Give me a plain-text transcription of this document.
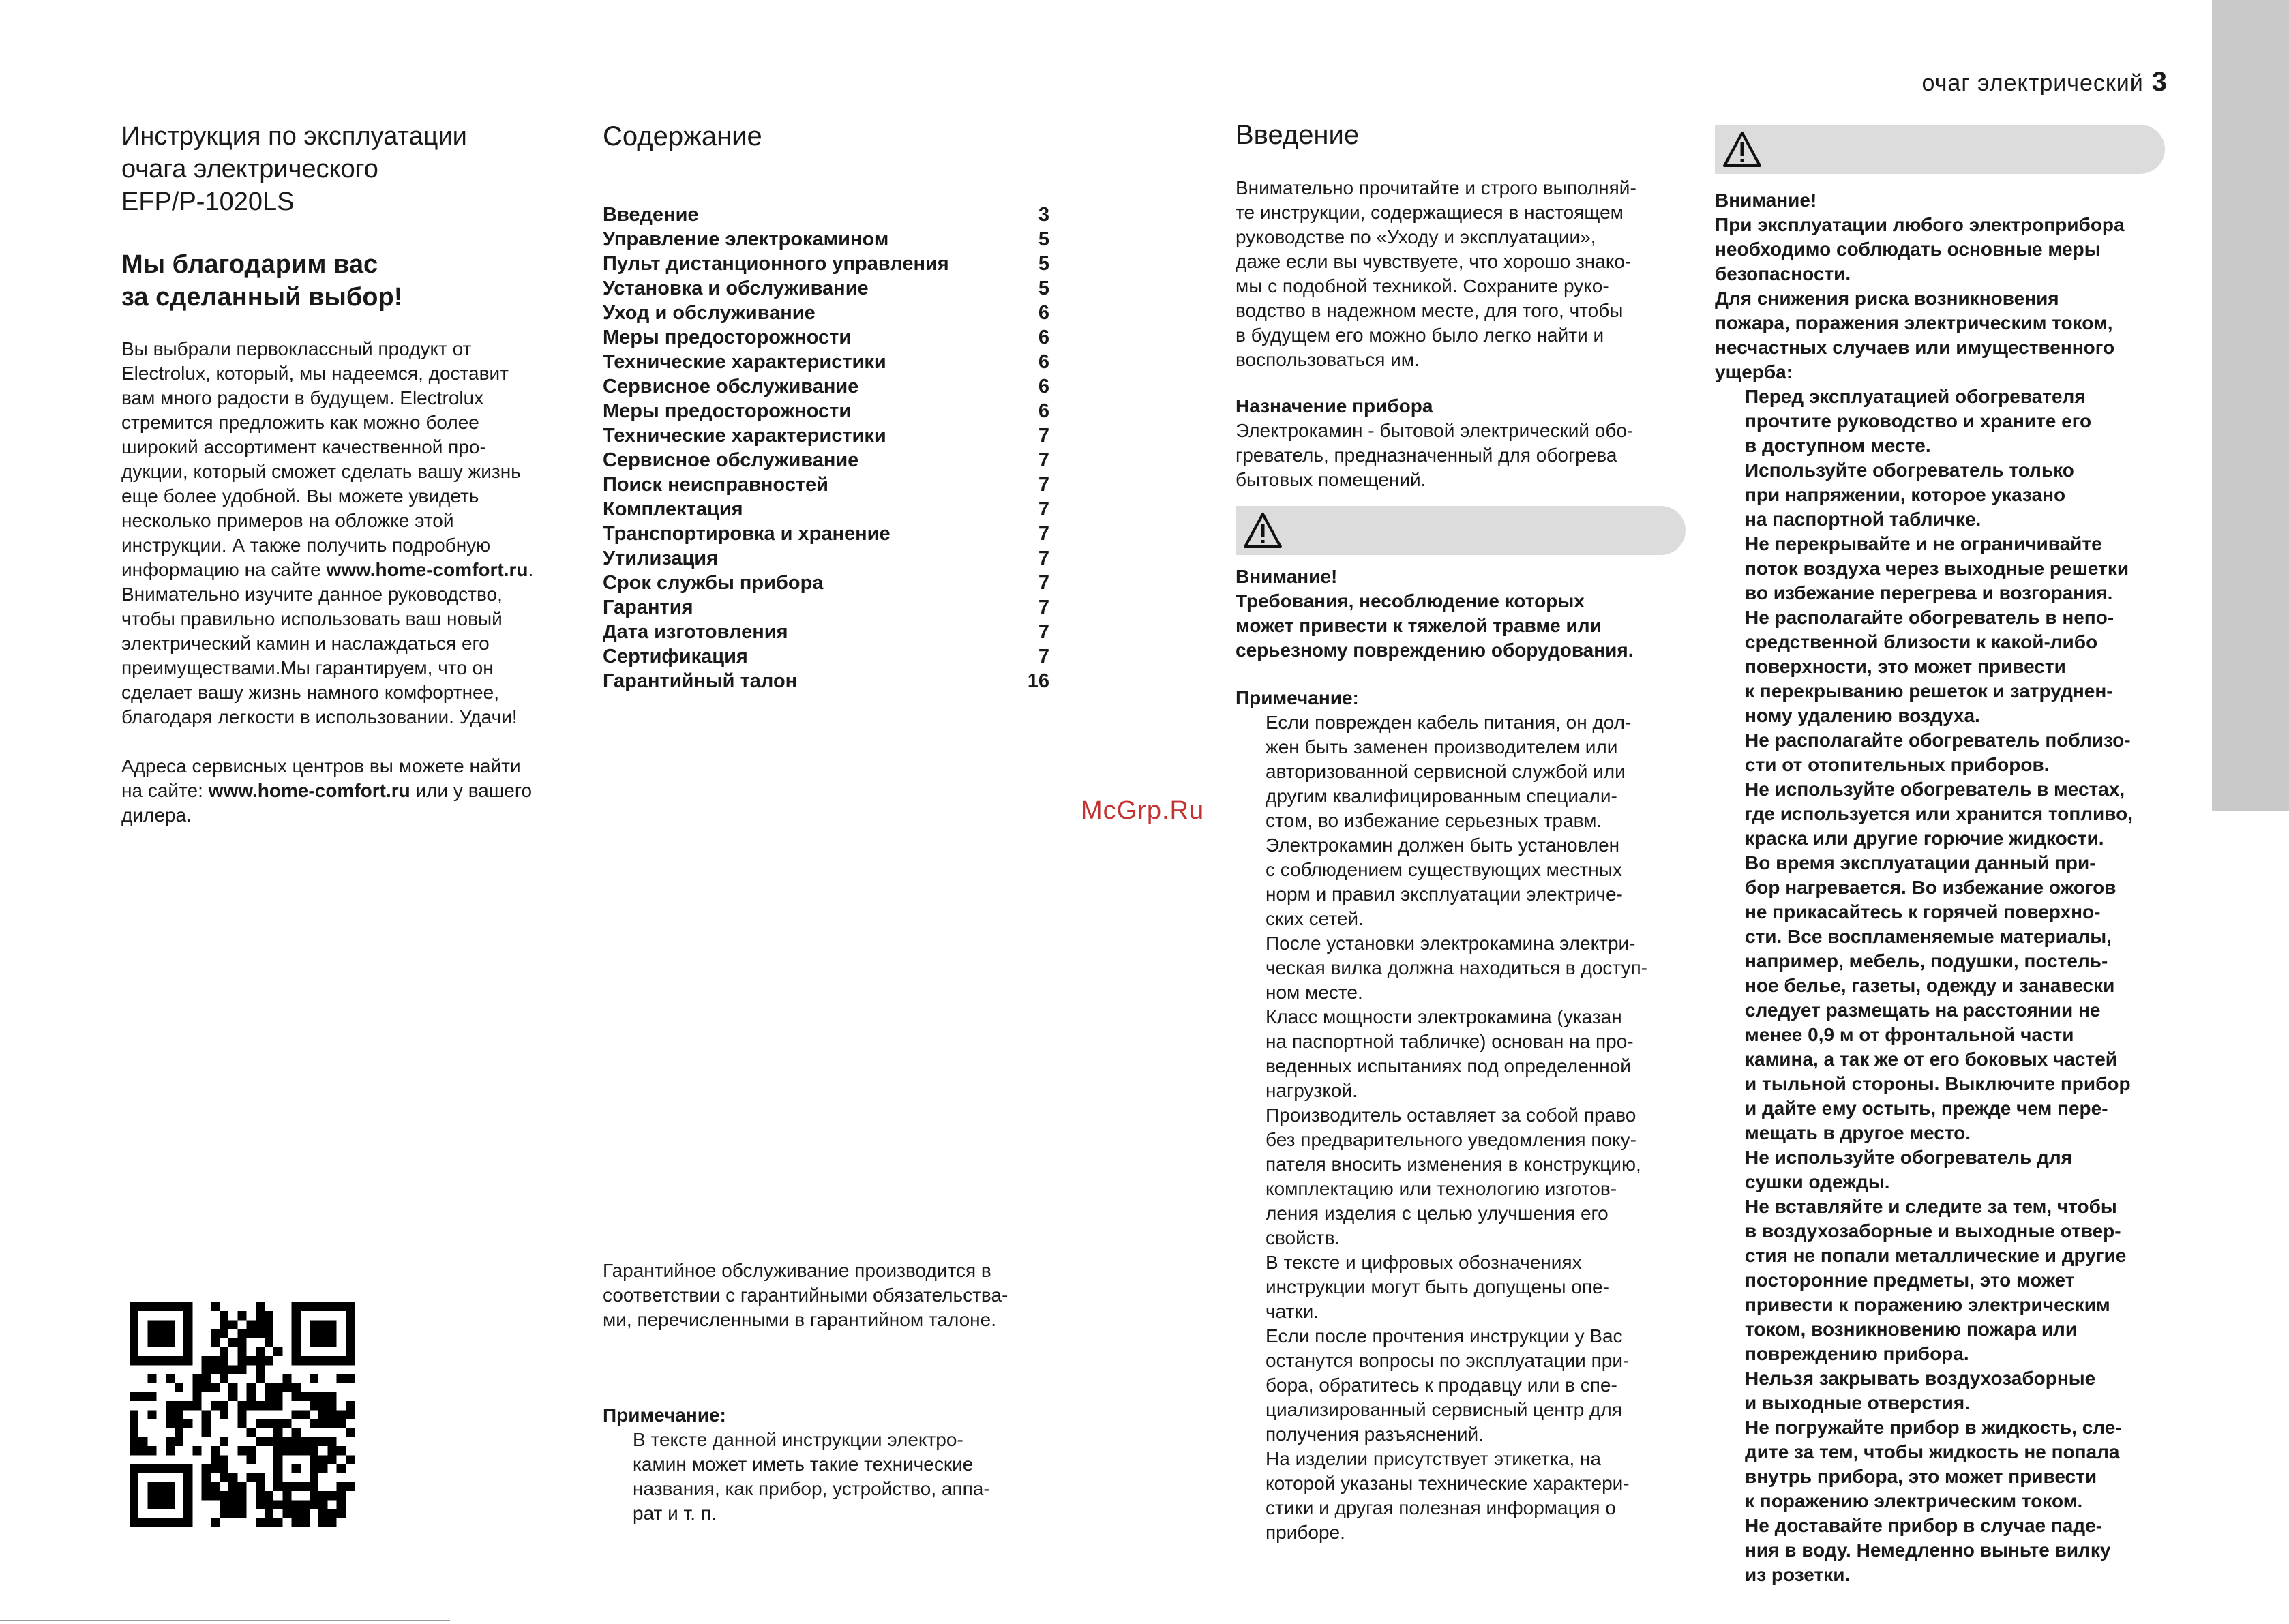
очаг электрический 3
Инструкция по эксплуатации
очага электрического
EFP/P-1020LS
Мы благодарим вас
за сделанный выбор!

Вы выбрали первоклассный продукт от
Electrolux, который, мы надеемся, доставит
вам много радости в будущем. Electrolux
стремится предложить как можно более
широкий ассортимент качественной про-
дукции, который сможет сделать вашу жизнь
еще более удобной. Вы можете увидеть
несколько примеров на обложке этой
инструкции. А также получить подробную
информацию на сайте www.home-comfort.ru.
Внимательно изучите данное руководство,
чтобы правильно использовать ваш новый
электрический камин и наслаждаться его
преимуществами.Мы гарантируем, что он
сделает вашу жизнь намного комфортнее,
благодаря легкости в использовании. Удачи!

Адреса сервисных центров вы можете найти
на сайте: www.home-comfort.ru или у вашего
дилера.

Содержание
Введение	3
Управление электрокамином	5
Пульт дистанционного управления	5
Установка и обслуживание	5
Уход и обслуживание	6
Меры предосторожности	6
Технические характеристики	6
Сервисное обслуживание	6
Меры предосторожности	6
Технические характеристики	7
Сервисное обслуживание	7
Поиск неисправностей	7
Комплектация	7
Транспортировка и хранение	7
Утилизация	7
Срок службы прибора	7
Гарантия	7
Дата изготовления	7
Сертификация	7
Гарантийный талон	16
Гарантийное обслуживание производится в
соответствии с гарантийными обязательства-
ми, перечисленными в гарантийном талоне.
Примечание:
В тексте данной инструкции электро-
камин может иметь такие технические
названия, как прибор, устройство, аппа-
рат и т. п.
McGrp.Ru
Введение
Внимательно прочитайте и строго выполняй-
те инструкции, содержащиеся в настоящем
руководстве по «Уходу и эксплуатации»,
даже если вы чувствуете, что хорошо знако-
мы с подобной техникой. Сохраните руко-
водство в надежном месте, для того, чтобы
в будущем его можно было легко найти и
воспользоваться им.
Назначение прибора
Электрокамин - бытовой электрический обо-
греватель, предназначенный для обогрева
бытовых помещений.
Внимание!
Требования, несоблюдение которых
может привести к тяжелой травме или
серьезному повреждению оборудования.
Примечание:
Если поврежден кабель питания, он дол-
жен быть заменен производителем или
авторизованной сервисной службой или
другим квалифицированным специали-
стом, во избежание серьезных травм.
Электрокамин должен быть установлен
с соблюдением существующих местных
норм и правил эксплуатации электриче-
ских сетей.
После установки электрокамина электри-
ческая вилка должна находиться в доступ-
ном месте.
Класс мощности электрокамина (указан
на паспортной табличке) основан на про-
веденных испытаниях под определенной
нагрузкой.
Производитель оставляет за собой право
без предварительного уведомления поку-
пателя вносить изменения в конструкцию,
комплектацию или технологию изготов-
ления изделия с целью улучшения его
свойств.
В тексте и цифровых обозначениях
инструкции могут быть допущены опе-
чатки.
Если после прочтения инструкции у Вас
останутся вопросы по эксплуатации при-
бора, обратитесь к продавцу или в спе-
циализированный сервисный центр для
получения разъяснений.
На изделии присутствует этикетка, на
которой указаны технические характери-
стики и другая полезная информация о
приборе.
Внимание!
При эксплуатации любого электроприбора
необходимо соблюдать основные меры
безопасности.
Для снижения риска возникновения
пожара, поражения электрическим током,
несчастных случаев или имущественного
ущерба:
Перед эксплуатацией обогревателя
прочтите руководство и храните его
в доступном месте.
Используйте обогреватель только
при напряжении, которое указано
на паспортной табличке.
Не перекрывайте и не ограничивайте
поток воздуха через выходные решетки
во избежание перегрева и возгорания.
Не располагайте обогреватель в непо-
средственной близости к какой-либо
поверхности, это может привести
к перекрыванию решеток и затруднен-
ному удалению воздуха.
Не располагайте обогреватель поблизо-
сти от отопительных приборов.
Не используйте обогреватель в местах,
где используется или хранится топливо,
краска или другие горючие жидкости.
Во время эксплуатации данный при-
бор нагревается. Во избежание ожогов
не прикасайтесь к горячей поверхно-
сти. Все воспламеняемые материалы,
например, мебель, подушки, постель-
ное белье, газеты, одежду и занавески
следует размещать на расстоянии не
менее 0,9 м от фронтальной части
камина, а так же от его боковых частей
и тыльной стороны. Выключите прибор
и дайте ему остыть, прежде чем пере-
мещать в другое место.
Не используйте обогреватель для
сушки одежды.
Не вставляйте и следите за тем, чтобы
в воздухозаборные и выходные отвер-
стия не попали металлические и другие
посторонние предметы, это может
привести к поражению электрическим
током, возникновению пожара или
повреждению прибора.
Нельзя закрывать воздухозаборные
и выходные отверстия.
Не погружайте прибор в жидкость, сле-
дите за тем, чтобы жидкость не попала
внутрь прибора, это может привести
к поражению электрическим током.
Не доставайте прибор в случае паде-
ния в воду. Немедленно выньте вилку
из розетки.
